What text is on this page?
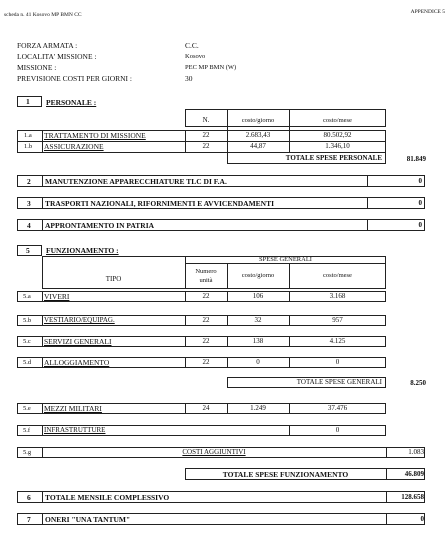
scheda n. 41 Kosovo MP BMN CC	APPENDICE 5
FORZA ARMATA :	C.C.
LOCALITA' MISSIONE :	Kosovo
MISSIONE :	PEC MP BMN (W)
PREVISIONE COSTI PER GIORNI :	30
1 PERSONALE :
N.	costo/giorno	costo/mese
1.a TRATTAMENTO DI MISSIONE	22	2.683,43	80.502,92
1.b ASSICURAZIONE	22	44,87	1.346,10
TOTALE SPESE PERSONALE	81.849
2 MANUTENZIONE APPARECCHIATURE TLC DI F.A.	0
3 TRASPORTI NAZIONALI, RIFORNIMENTI E AVVICENDAMENTI	0
4 APPRONTAMENTO IN PATRIA	0
5 FUNZIONAMENTO :
SPESE GENERALI
TIPO
Numero
unità
costo/giorno	costo/mese
5.a VIVERI	22	106	3.168
5.b VESTIARIO/EQUIPAG.	22	32	957
5.c SERVIZI GENERALI	22	138	4.125
5.d ALLOGGIAMENTO	22	0	0
TOTALE SPESE GENERALI	8.250
5.e MEZZI MILITARI	24	1.249	37.476
5.f INFRASTRUTTURE	0
5.g	COSTI AGGIUNTIVI	1.083
TOTALE SPESE FUNZIONAMENTO	46.809
6 TOTALE MENSILE COMPLESSIVO	128.658
7 ONERI "UNA TANTUM"	0
